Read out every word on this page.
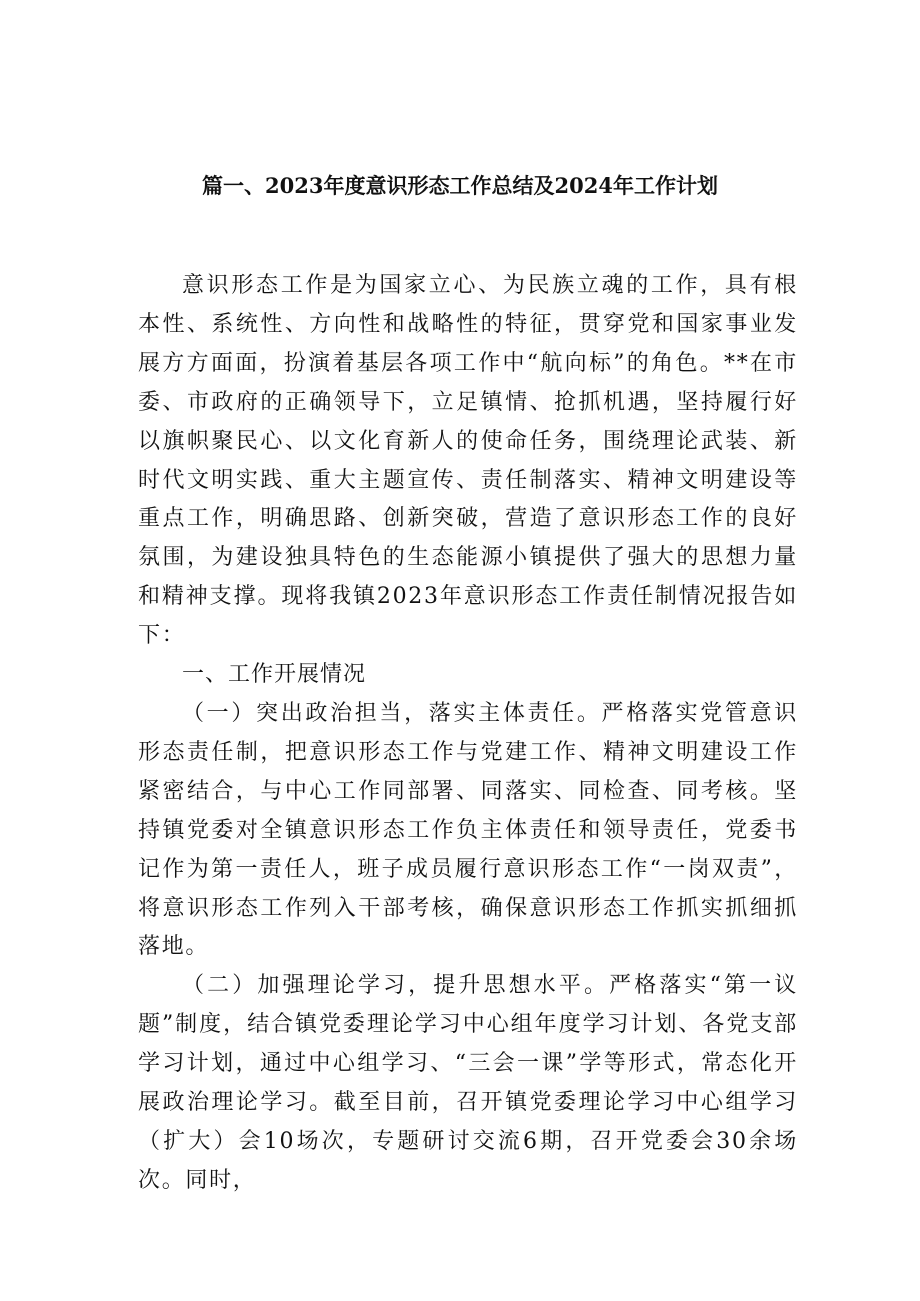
篇一、2023年度意识形态工作总结及2024年工作计划

意识形态工作是为国家立心、为民族立魂的工作，具有根本性、系统性、方向性和战略性的特征，贯穿党和国家事业发展方方面面，扮演着基层各项工作中“航向标”的角色。**在市委、市政府的正确领导下，立足镇情、抢抓机遇，坚持履行好以旗帜聚民心、以文化育新人的使命任务，围绕理论武装、新时代文明实践、重大主题宣传、责任制落实、精神文明建设等重点工作，明确思路、创新突破，营造了意识形态工作的良好氛围，为建设独具特色的生态能源小镇提供了强大的思想力量和精神支撑。现将我镇2023年意识形态工作责任制情况报告如下：

一、工作开展情况

（一）突出政治担当，落实主体责任。严格落实党管意识形态责任制，把意识形态工作与党建工作、精神文明建设工作紧密结合，与中心工作同部署、同落实、同检查、同考核。坚持镇党委对全镇意识形态工作负主体责任和领导责任，党委书记作为第一责任人，班子成员履行意识形态工作“一岗双责”，将意识形态工作列入干部考核，确保意识形态工作抓实抓细抓落地。

（二）加强理论学习，提升思想水平。严格落实“第一议题”制度，结合镇党委理论学习中心组年度学习计划、各党支部学习计划，通过中心组学习、“三会一课”学等形式，常态化开展政治理论学习。截至目前，召开镇党委理论学习中心组学习（扩大）会10场次，专题研讨交流6期，召开党委会30余场次。同时，
